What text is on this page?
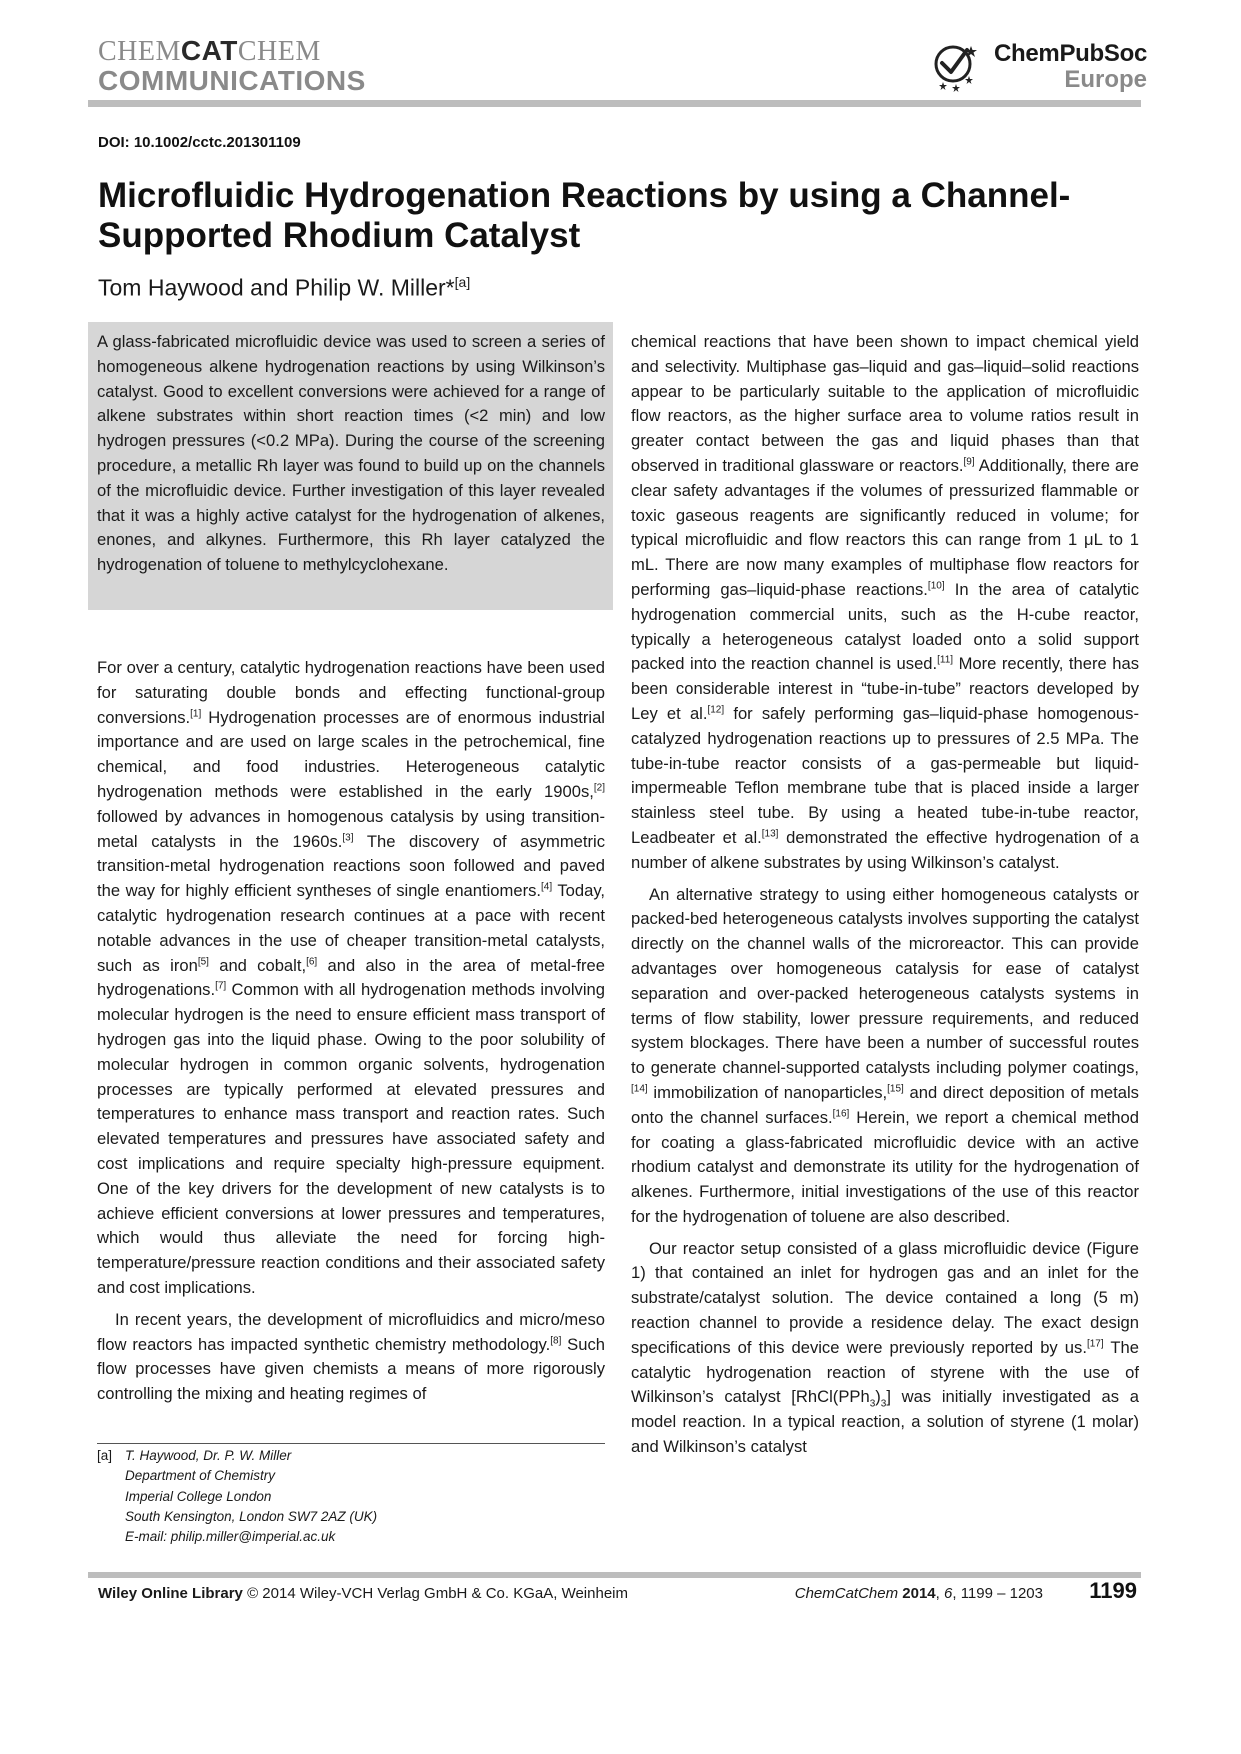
CHEMCATCHEM
COMMUNICATIONS
ChemPubSoc
Europe
DOI: 10.1002/cctc.201301109
Microfluidic Hydrogenation Reactions by using a Channel-Supported Rhodium Catalyst
Tom Haywood and Philip W. Miller*[a]

A glass-fabricated microfluidic device was used to screen a series of homogeneous alkene hydrogenation reactions by using Wilkinson’s catalyst. Good to excellent conversions were achieved for a range of alkene substrates within short reaction times (<2 min) and low hydrogen pressures (<0.2 MPa). During the course of the screening procedure, a metallic Rh layer was found to build up on the channels of the microfluidic device. Further investigation of this layer revealed that it was a highly active catalyst for the hydrogenation of alkenes, enones, and alkynes. Furthermore, this Rh layer catalyzed the hydrogenation of toluene to methylcyclohexane.

For over a century, catalytic hydrogenation reactions have been used for saturating double bonds and effecting functional-group conversions.[1] Hydrogenation processes are of enormous industrial importance and are used on large scales in the petrochemical, fine chemical, and food industries. Heterogeneous catalytic hydrogenation methods were established in the early 1900s,[2] followed by advances in homogenous catalysis by using transition-metal catalysts in the 1960s.[3] The discovery of asymmetric transition-metal hydrogenation reactions soon followed and paved the way for highly efficient syntheses of single enantiomers.[4] Today, catalytic hydrogenation research continues at a pace with recent notable advances in the use of cheaper transition-metal catalysts, such as iron[5] and cobalt,[6] and also in the area of metal-free hydrogenations.[7] Common with all hydrogenation methods involving molecular hydrogen is the need to ensure efficient mass transport of hydrogen gas into the liquid phase. Owing to the poor solubility of molecular hydrogen in common organic solvents, hydrogenation processes are typically performed at elevated pressures and temperatures to enhance mass transport and reaction rates. Such elevated temperatures and pressures have associated safety and cost implications and require specialty high-pressure equipment. One of the key drivers for the development of new catalysts is to achieve efficient conversions at lower pressures and temperatures, which would thus alleviate the need for forcing high-temperature/pressure reaction conditions and their associated safety and cost implications.

In recent years, the development of microfluidics and micro/meso flow reactors has impacted synthetic chemistry methodology.[8] Such flow processes have given chemists a means of more rigorously controlling the mixing and heating regimes of

chemical reactions that have been shown to impact chemical yield and selectivity. Multiphase gas–liquid and gas–liquid–solid reactions appear to be particularly suitable to the application of microfluidic flow reactors, as the higher surface area to volume ratios result in greater contact between the gas and liquid phases than that observed in traditional glassware or reactors.[9] Additionally, there are clear safety advantages if the volumes of pressurized flammable or toxic gaseous reagents are significantly reduced in volume; for typical microfluidic and flow reactors this can range from 1 μL to 1 mL. There are now many examples of multiphase flow reactors for performing gas–liquid-phase reactions.[10] In the area of catalytic hydrogenation commercial units, such as the H-cube reactor, typically a heterogeneous catalyst loaded onto a solid support packed into the reaction channel is used.[11] More recently, there has been considerable interest in “tube-in-tube” reactors developed by Ley et al.[12] for safely performing gas–liquid-phase homogenous-catalyzed hydrogenation reactions up to pressures of 2.5 MPa. The tube-in-tube reactor consists of a gas-permeable but liquid-impermeable Teflon membrane tube that is placed inside a larger stainless steel tube. By using a heated tube-in-tube reactor, Leadbeater et al.[13] demonstrated the effective hydrogenation of a number of alkene substrates by using Wilkinson’s catalyst.

An alternative strategy to using either homogeneous catalysts or packed-bed heterogeneous catalysts involves supporting the catalyst directly on the channel walls of the microreactor. This can provide advantages over homogeneous catalysis for ease of catalyst separation and over-packed heterogeneous catalysts systems in terms of flow stability, lower pressure requirements, and reduced system blockages. There have been a number of successful routes to generate channel-supported catalysts including polymer coatings,[14] immobilization of nanoparticles,[15] and direct deposition of metals onto the channel surfaces.[16] Herein, we report a chemical method for coating a glass-fabricated microfluidic device with an active rhodium catalyst and demonstrate its utility for the hydrogenation of alkenes. Furthermore, initial investigations of the use of this reactor for the hydrogenation of toluene are also described.

Our reactor setup consisted of a glass microfluidic device (Figure 1) that contained an inlet for hydrogen gas and an inlet for the substrate/catalyst solution. The device contained a long (5 m) reaction channel to provide a residence delay. The exact design specifications of this device were previously reported by us.[17] The catalytic hydrogenation reaction of styrene with the use of Wilkinson’s catalyst $[RhCl(PPh_3)_3]$ was initially investigated as a model reaction. In a typical reaction, a solution of styrene (1 molar) and Wilkinson’s catalyst

[a] T. Haywood, Dr. P. W. Miller
Department of Chemistry
Imperial College London
South Kensington, London SW7 2AZ (UK)
E-mail: philip.miller@imperial.ac.uk
Wiley Online Library © 2014 Wiley-VCH Verlag GmbH & Co. KGaA, Weinheim	ChemCatChem 2014, 6, 1199 – 1203 1199
